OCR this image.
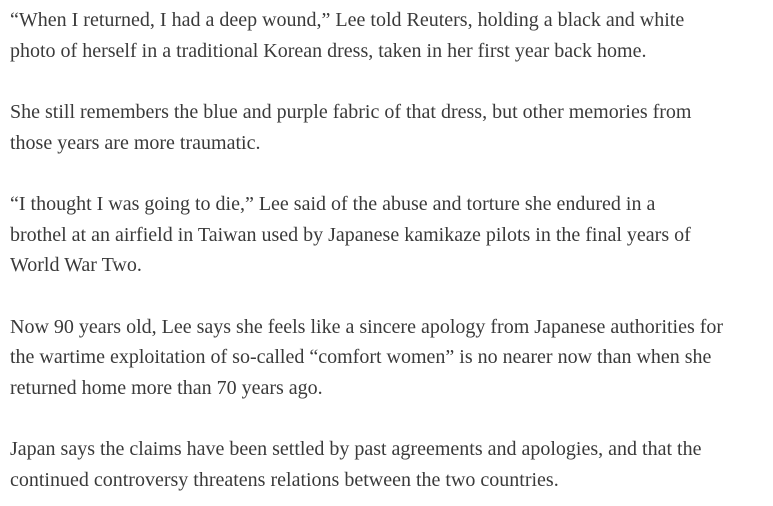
“When I returned, I had a deep wound,” Lee told Reuters, holding a black and white
photo of herself in a traditional Korean dress, taken in her first year back home.

She still remembers the blue and purple fabric of that dress, but other memories from
those years are more traumatic.

“I thought I was going to die,” Lee said of the abuse and torture she endured in a
brothel at an airfield in Taiwan used by Japanese kamikaze pilots in the final years of
World War Two.

Now 90 years old, Lee says she feels like a sincere apology from Japanese authorities for
the wartime exploitation of so-called “comfort women” is no nearer now than when she
returned home more than 70 years ago.

Japan says the claims have been settled by past agreements and apologies, and that the
continued controversy threatens relations between the two countries.
